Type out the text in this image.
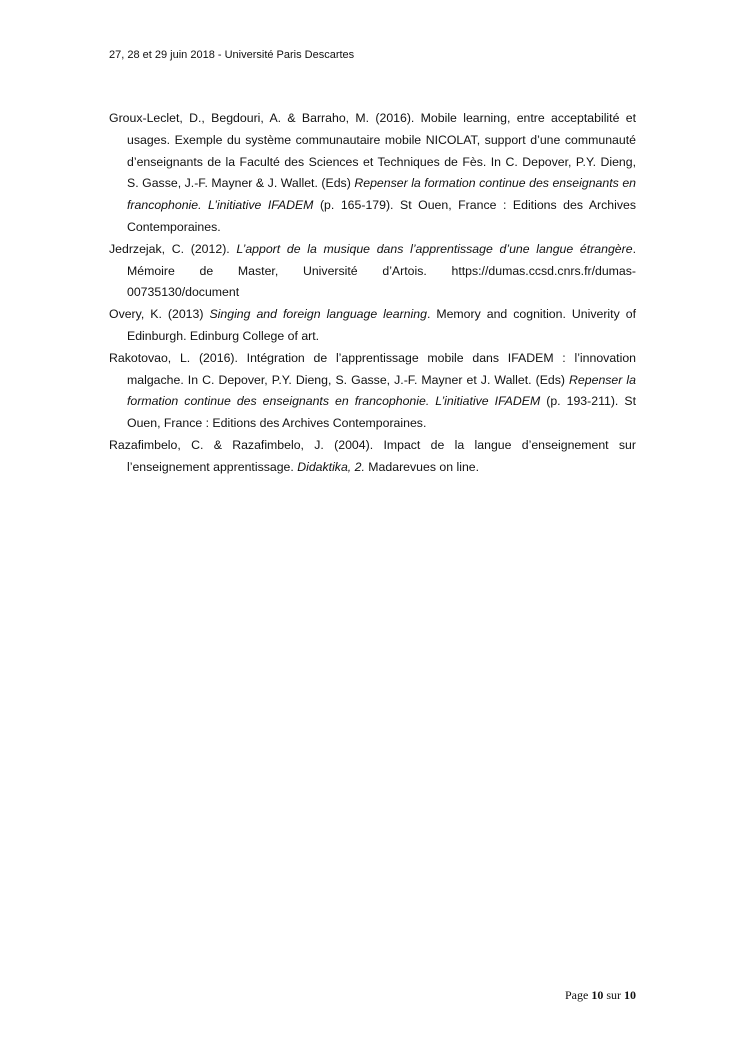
27, 28 et 29 juin 2018 - Université Paris Descartes

Groux-Leclet, D., Begdouri, A. & Barraho, M. (2016). Mobile learning, entre acceptabilité et usages. Exemple du système communautaire mobile NICOLAT, support d’une communauté d’enseignants de la Faculté des Sciences et Techniques de Fès. In C. Depover, P.Y. Dieng, S. Gasse, J.-F. Mayner & J. Wallet. (Eds) Repenser la formation continue des enseignants en francophonie. L’initiative IFADEM (p. 165-179). St Ouen, France : Editions des Archives Contemporaines.

Jedrzejak, C. (2012). L’apport de la musique dans l’apprentissage d’une langue étrangère. Mémoire de Master, Université d’Artois. https://dumas.ccsd.cnrs.fr/dumas-00735130/document

Overy, K. (2013) Singing and foreign language learning. Memory and cognition. Univerity of Edinburgh. Edinburg College of art.

Rakotovao, L. (2016). Intégration de l’apprentissage mobile dans IFADEM : l’innovation malgache. In C. Depover, P.Y. Dieng, S. Gasse, J.-F. Mayner et J. Wallet. (Eds) Repenser la formation continue des enseignants en francophonie. L’initiative IFADEM (p. 193-211). St Ouen, France : Editions des Archives Contemporaines.

Razafimbelo, C. & Razafimbelo, J. (2004). Impact de la langue d’enseignement sur l’enseignement apprentissage. Didaktika, 2. Madarevues on line.

Page 10 sur 10
